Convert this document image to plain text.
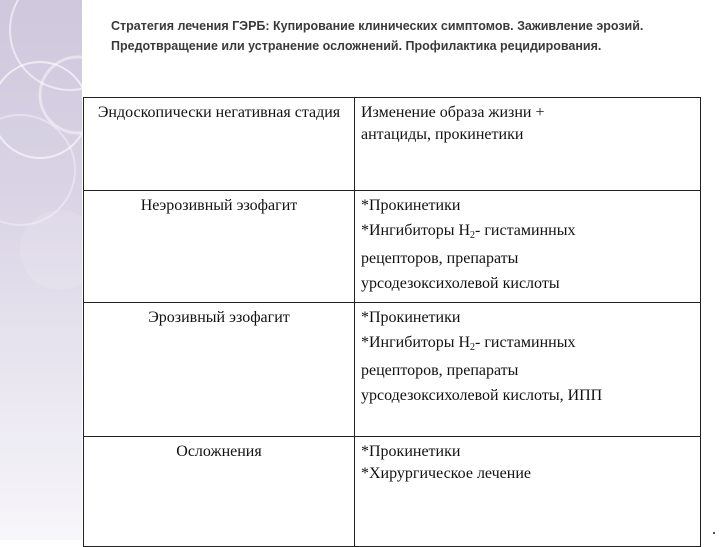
Стратегия лечения ГЭРБ: Купирование клинических симптомов. Заживление эрозий. Предотвращение или устранение осложнений. Профилактика рецидирования.
Эндоскопически негативная стадия	Изменение образа жизни +
антациды, прокинетики

Неэрозивный эзофагит	*Прокинетики
*Ингибиторы $Н_2-$ гистаминных
рецепторов, препараты
урсодезоксихолевой кислоты

Эрозивный эзофагит	*Прокинетики
*Ингибиторы $Н_2-$ гистаминных
рецепторов, препараты
урсодезоксихолевой кислоты, ИПП

Осложнения	*Прокинетики
*Хирургическое лечение
